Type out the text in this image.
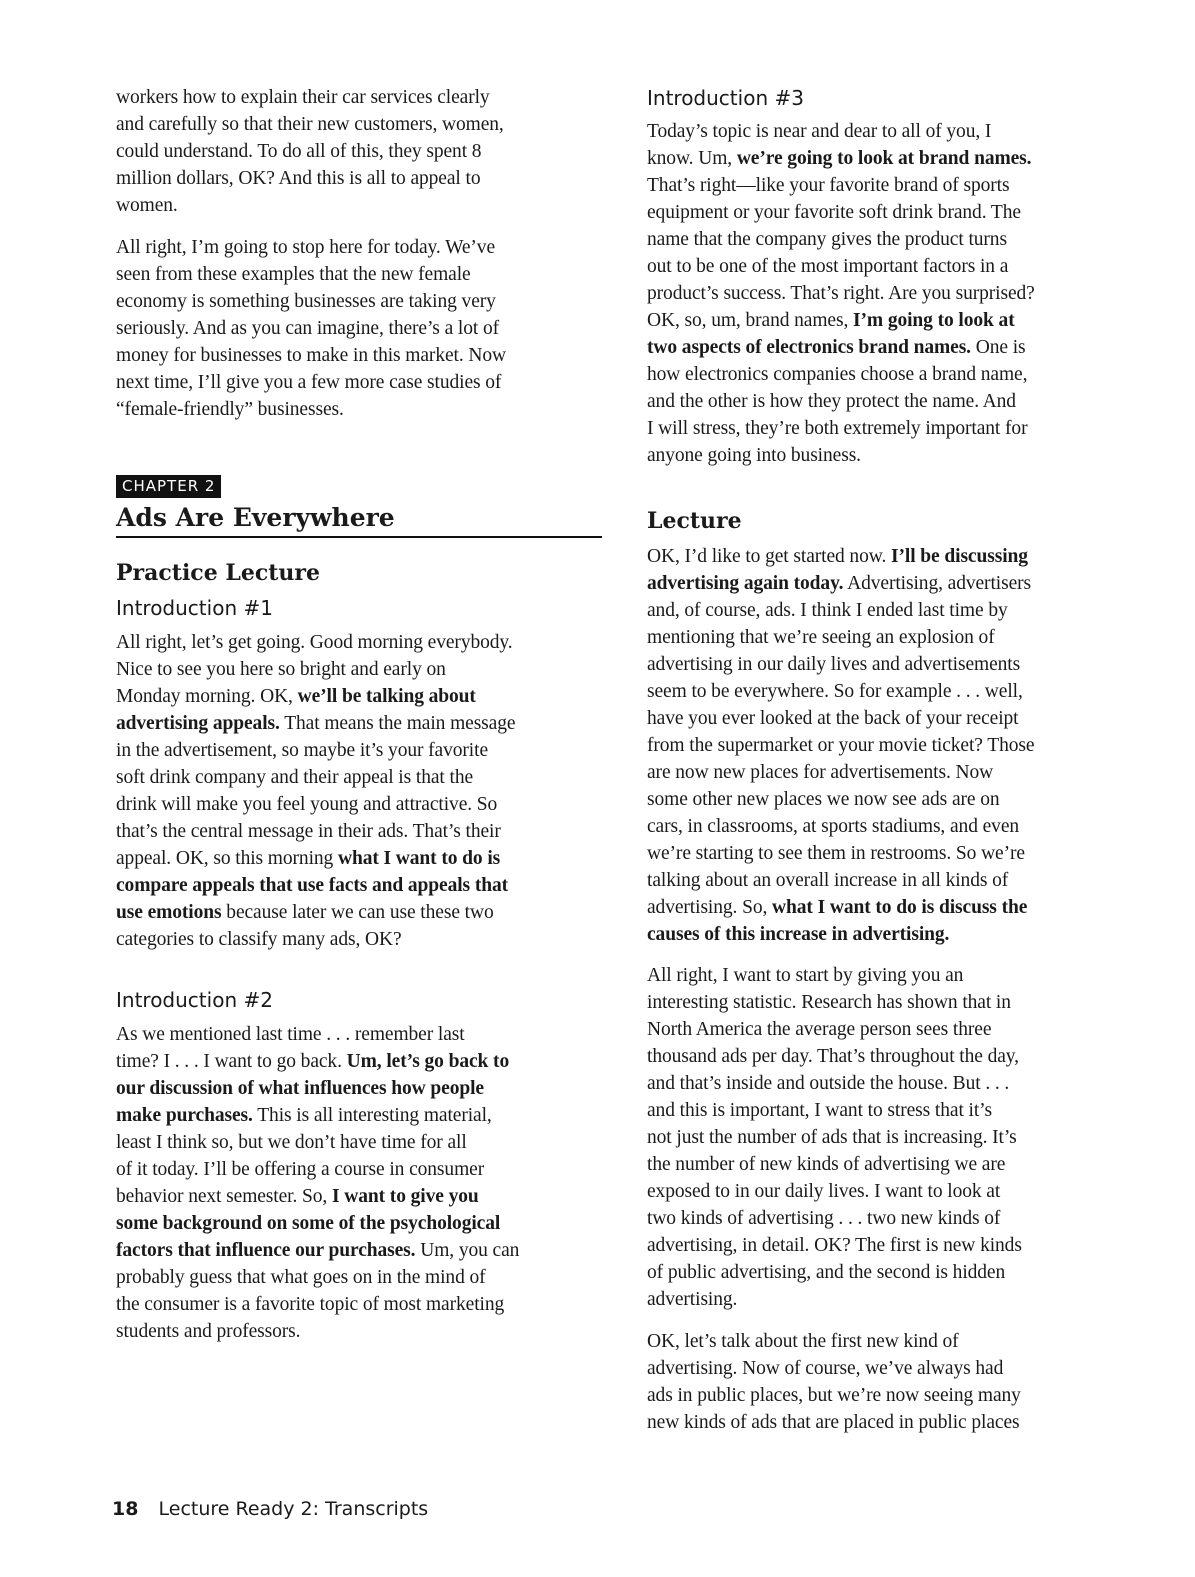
workers how to explain their car services clearly
and carefully so that their new customers, women,
could understand. To do all of this, they spent 8
million dollars, OK? And this is all to appeal to
women.

All right, I’m going to stop here for today. We’ve
seen from these examples that the new female
economy is something businesses are taking very
seriously. And as you can imagine, there’s a lot of
money for businesses to make in this market. Now
next time, I’ll give you a few more case studies of
“female-friendly” businesses.

CHAPTER 2
Ads Are Everywhere
Practice Lecture
Introduction #1

All right, let’s get going. Good morning everybody.
Nice to see you here so bright and early on
Monday morning. OK, we’ll be talking about
advertising appeals. That means the main message
in the advertisement, so maybe it’s your favorite
soft drink company and their appeal is that the
drink will make you feel young and attractive. So
that’s the central message in their ads. That’s their
appeal. OK, so this morning what I want to do is
compare appeals that use facts and appeals that
use emotions because later we can use these two
categories to classify many ads, OK?

Introduction #2

As we mentioned last time . . . remember last
time? I . . . I want to go back. Um, let’s go back to
our discussion of what influences how people
make purchases. This is all interesting material,
least I think so, but we don’t have time for all
of it today. I’ll be offering a course in consumer
behavior next semester. So, I want to give you
some background on some of the psychological
factors that influence our purchases. Um, you can
probably guess that what goes on in the mind of
the consumer is a favorite topic of most marketing
students and professors.

Introduction #3

Today’s topic is near and dear to all of you, I
know. Um, we’re going to look at brand names.
That’s right—like your favorite brand of sports
equipment or your favorite soft drink brand. The
name that the company gives the product turns
out to be one of the most important factors in a
product’s success. That’s right. Are you surprised?
OK, so, um, brand names, I’m going to look at
two aspects of electronics brand names. One is
how electronics companies choose a brand name,
and the other is how they protect the name. And
I will stress, they’re both extremely important for
anyone going into business.

Lecture

OK, I’d like to get started now. I’ll be discussing
advertising again today. Advertising, advertisers
and, of course, ads. I think I ended last time by
mentioning that we’re seeing an explosion of
advertising in our daily lives and advertisements
seem to be everywhere. So for example . . . well,
have you ever looked at the back of your receipt
from the supermarket or your movie ticket? Those
are now new places for advertisements. Now
some other new places we now see ads are on
cars, in classrooms, at sports stadiums, and even
we’re starting to see them in restrooms. So we’re
talking about an overall increase in all kinds of
advertising. So, what I want to do is discuss the
causes of this increase in advertising.

All right, I want to start by giving you an
interesting statistic. Research has shown that in
North America the average person sees three
thousand ads per day. That’s throughout the day,
and that’s inside and outside the house. But . . .
and this is important, I want to stress that it’s
not just the number of ads that is increasing. It’s
the number of new kinds of advertising we are
exposed to in our daily lives. I want to look at
two kinds of advertising . . . two new kinds of
advertising, in detail. OK? The first is new kinds
of public advertising, and the second is hidden
advertising.

OK, let’s talk about the first new kind of
advertising. Now of course, we’ve always had
ads in public places, but we’re now seeing many
new kinds of ads that are placed in public places

18 Lecture Ready 2: Transcripts
